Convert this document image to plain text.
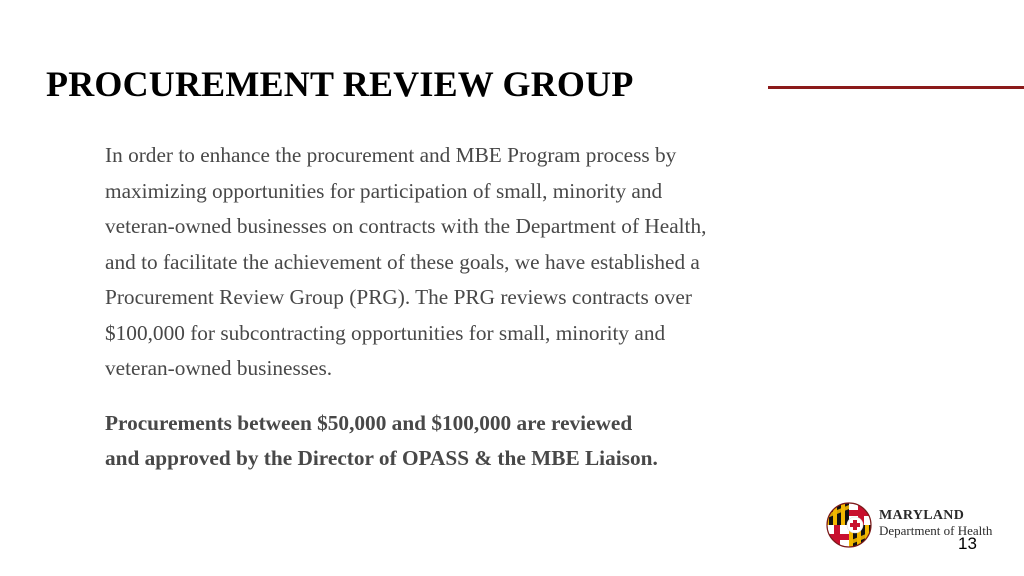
PROCUREMENT REVIEW GROUP

In order to enhance the procurement and MBE Program process by
maximizing opportunities for participation of small, minority and
veteran-owned businesses on contracts with the Department of Health,
and to facilitate the achievement of these goals, we have established a
Procurement Review Group (PRG). The PRG reviews contracts over
$100,000 for subcontracting opportunities for small, minority and
veteran-owned businesses.

Procurements between $50,000 and $100,000 are reviewed
and approved by the Director of OPASS & the MBE Liaison.

MARYLAND
Department of Health
13
